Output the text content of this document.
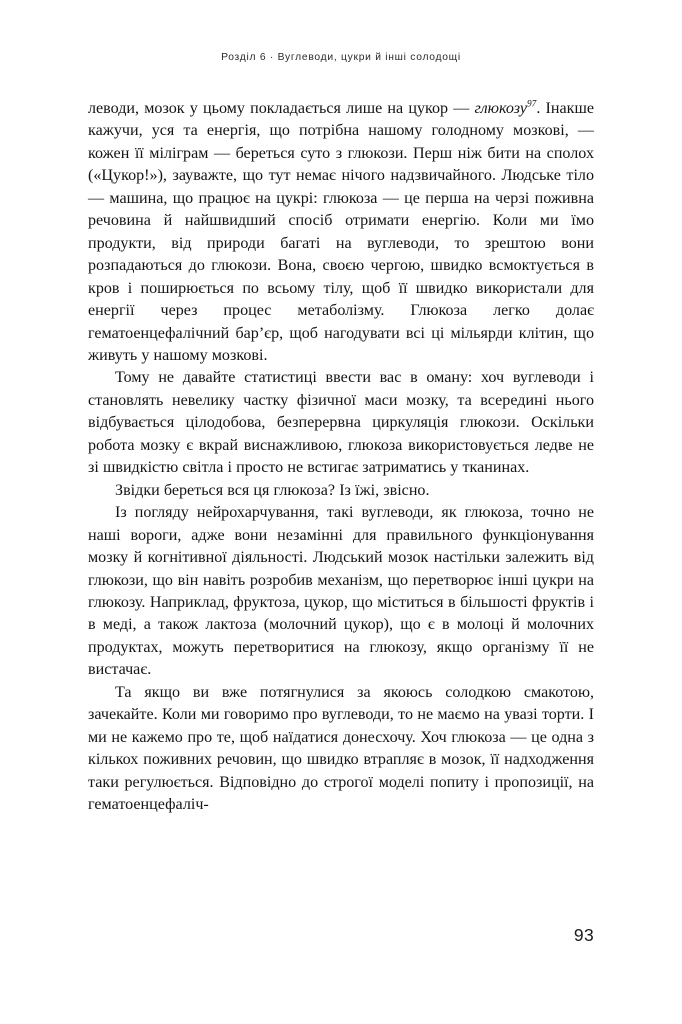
Розділ 6 · Вуглеводи, цукри й інші солодощі

леводи, мозок у цьому покладається лише на цукор — глюкозу$^{97}$. Інакше кажучи, уся та енергія, що потрібна нашому голодному мозкові, — кожен її міліграм — береться суто з глюкози. Перш ніж бити на сполох («Цукор!»), зауважте, що тут немає нічого надзвичайного. Людське тіло — машина, що працює на цукрі: глюкоза — це перша на черзі поживна речовина й найшвидший спосіб отримати енергію. Коли ми їмо продукти, від природи багаті на вуглеводи, то зрештою вони розпадаються до глюкози. Вона, своєю чергою, швидко всмоктується в кров і поширюється по всьому тілу, щоб її швидко використали для енергії через процес метаболізму. Глюкоза легко долає гематоенцефалічний бар’єр, щоб нагодувати всі ці мільярди клітин, що живуть у нашому мозкові.

Тому не давайте статистиці ввести вас в оману: хоч вуглеводи і становлять невелику частку фізичної маси мозку, та всередині нього відбувається цілодобова, безперервна циркуляція глюкози. Оскільки робота мозку є вкрай виснажливою, глюкоза використовується ледве не зі швидкістю світла і просто не встигає затриматись у тканинах.

Звідки береться вся ця глюкоза? Із їжі, звісно.

Із погляду нейрохарчування, такі вуглеводи, як глюкоза, точно не наші вороги, адже вони незамінні для правильного функціонування мозку й когнітивної діяльності. Людський мозок настільки залежить від глюкози, що він навіть розробив механізм, що перетворює інші цукри на глюкозу. Наприклад, фруктоза, цукор, що міститься в більшості фруктів і в меді, а також лактоза (молочний цукор), що є в молоці й молочних продуктах, можуть перетворитися на глюкозу, якщо організму її не вистачає.

Та якщо ви вже потягнулися за якоюсь солодкою смакотою, зачекайте. Коли ми говоримо про вуглеводи, то не маємо на увазі торти. І ми не кажемо про те, щоб наїдатися донесхочу. Хоч глюкоза — це одна з кількох поживних речовин, що швидко втрапляє в мозок, її надходження таки регулюється. Відповідно до строгої моделі попиту і пропозиції, на гематоенцефаліч-

93
